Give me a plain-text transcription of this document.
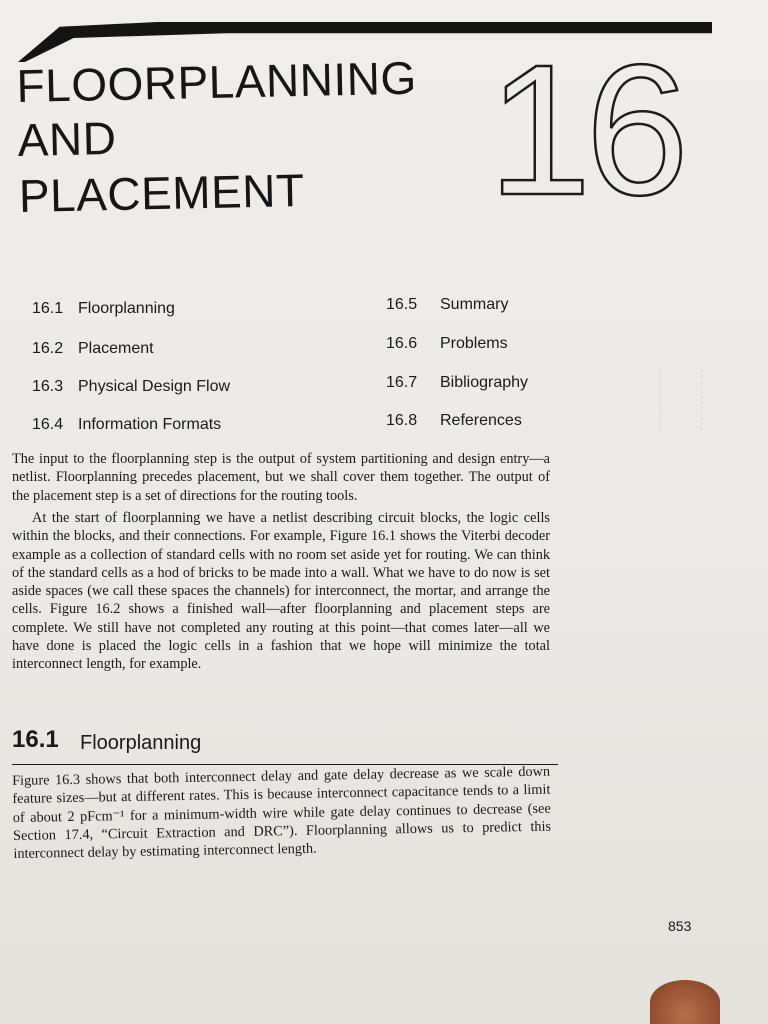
FLOORPLANNING
AND
PLACEMENT 16
16.1 Floorplanning
16.2 Placement
16.3 Physical Design Flow
16.4 Information Formats
16.5 Summary
16.6 Problems
16.7 Bibliography
16.8 References

The input to the floorplanning step is the output of system partitioning and design entry—a netlist. Floorplanning precedes placement, but we shall cover them together. The output of the placement step is a set of directions for the routing tools.

At the start of floorplanning we have a netlist describing circuit blocks, the logic cells within the blocks, and their connections. For example, Figure 16.1 shows the Viterbi decoder example as a collection of standard cells with no room set aside yet for routing. We can think of the standard cells as a hod of bricks to be made into a wall. What we have to do now is set aside spaces (we call these spaces the channels) for interconnect, the mortar, and arrange the cells. Figure 16.2 shows a finished wall—after floorplanning and placement steps are complete. We still have not completed any routing at this point—that comes later—all we have done is placed the logic cells in a fashion that we hope will minimize the total interconnect length, for example.

16.1 Floorplanning

Figure 16.3 shows that both interconnect delay and gate delay decrease as we scale down feature sizes—but at different rates. This is because interconnect capacitance tends to a limit of about 2 pFcm⁻¹ for a minimum-width wire while gate delay continues to decrease (see Section 17.4, “Circuit Extraction and DRC”). Floorplanning allows us to predict this interconnect delay by estimating interconnect length.

853
